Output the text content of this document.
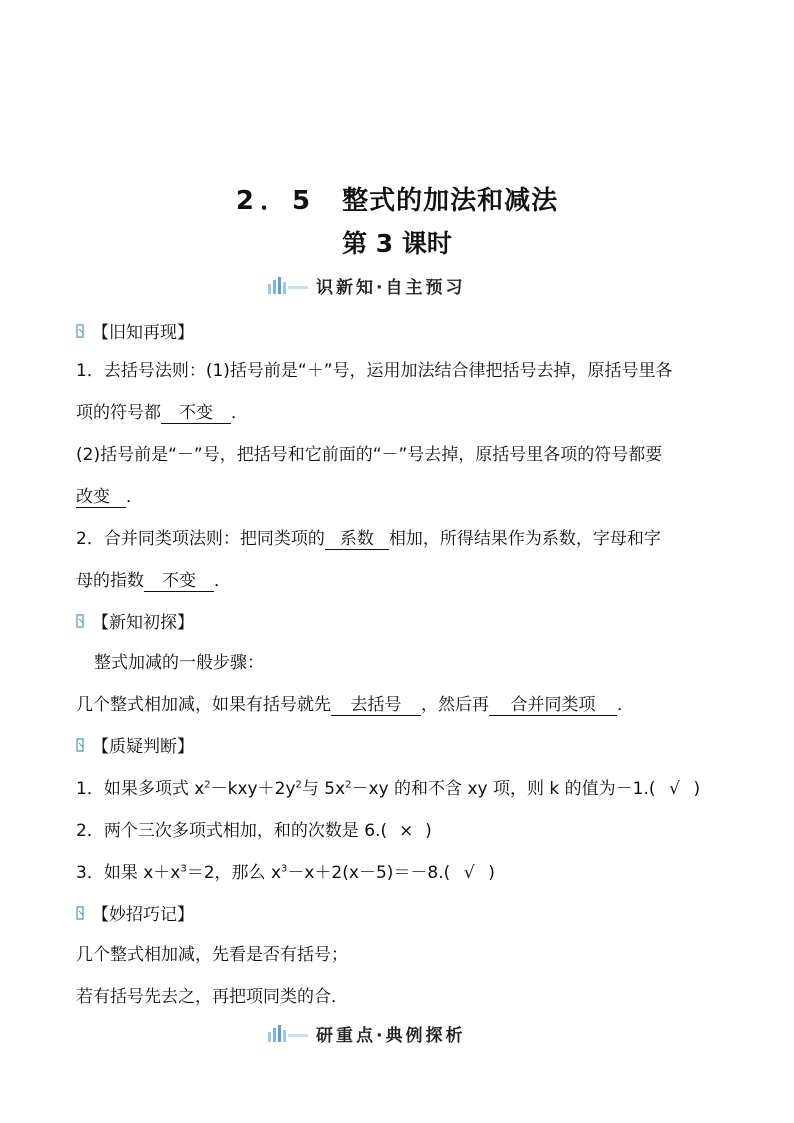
2．5 整式的加法和减法
第 3 课时
识新知·自主预习
【旧知再现】
1．去括号法则：(1)括号前是“＋”号，运用加法结合律把括号去掉，原括号里各
项的符号都 不变 ．
(2)括号前是“－”号，把括号和它前面的“－”号去掉，原括号里各项的符号都要
改变 ．
2．合并同类项法则：把同类项的 系数 相加，所得结果作为系数，字母和字
母的指数 不变 ．
【新知初探】
整式加减的一般步骤：
几个整式相加减，如果有括号就先 去括号 ，然后再 合并同类项 ．
【质疑判断】
1．如果多项式 $x^2-kxy+2y^2$与 $5x^2-xy$ 的和不含 xy 项，则 k 的值为－1.( √ )
2．两个三次多项式相加，和的次数是 6.( × )
3．如果 $x+x^3=2$，那么 $x^3-x+2(x-5)=-8$.( √ )
【妙招巧记】
几个整式相加减，先看是否有括号；
若有括号先去之，再把项同类的合．
研重点·典例探析
